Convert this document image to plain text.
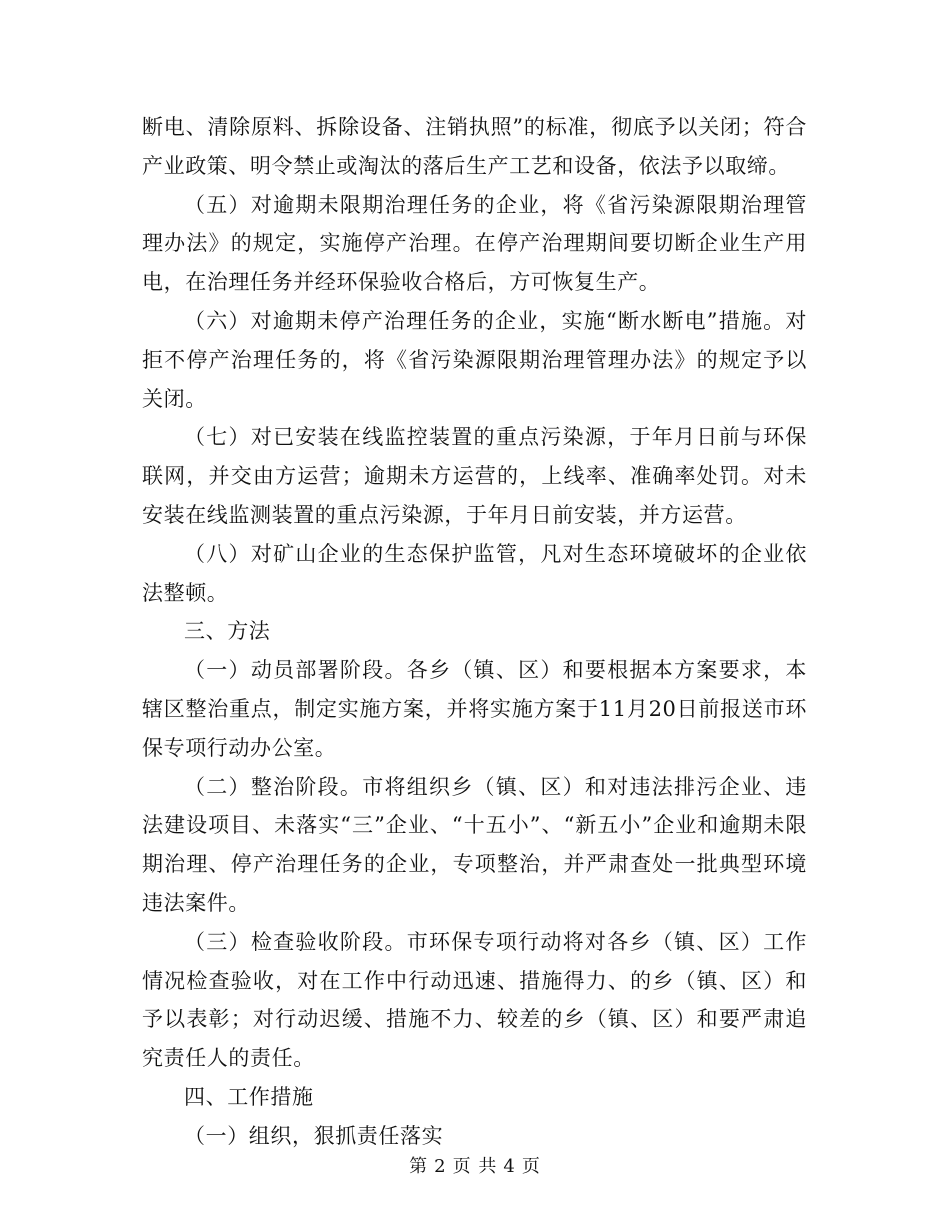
断电、清除原料、拆除设备、注销执照”的标准，彻底予以关闭；符合产业政策、明令禁止或淘汰的落后生产工艺和设备，依法予以取缔。

（五）对逾期未限期治理任务的企业，将《省污染源限期治理管理办法》的规定，实施停产治理。在停产治理期间要切断企业生产用电，在治理任务并经环保验收合格后，方可恢复生产。

（六）对逾期未停产治理任务的企业，实施“断水断电”措施。对拒不停产治理任务的，将《省污染源限期治理管理办法》的规定予以关闭。

（七）对已安装在线监控装置的重点污染源，于年月日前与环保联网，并交由方运营；逾期未方运营的，上线率、准确率处罚。对未安装在线监测装置的重点污染源，于年月日前安装，并方运营。

（八）对矿山企业的生态保护监管，凡对生态环境破坏的企业依法整顿。

三、方法

（一）动员部署阶段。各乡（镇、区）和要根据本方案要求，本辖区整治重点，制定实施方案，并将实施方案于11月20日前报送市环保专项行动办公室。

（二）整治阶段。市将组织乡（镇、区）和对违法排污企业、违法建设项目、未落实“三”企业、“十五小”、“新五小”企业和逾期未限期治理、停产治理任务的企业，专项整治，并严肃查处一批典型环境违法案件。

（三）检查验收阶段。市环保专项行动将对各乡（镇、区）工作情况检查验收，对在工作中行动迅速、措施得力、的乡（镇、区）和予以表彰；对行动迟缓、措施不力、较差的乡（镇、区）和要严肃追究责任人的责任。

四、工作措施

（一）组织，狠抓责任落实

第 2 页 共 4 页
